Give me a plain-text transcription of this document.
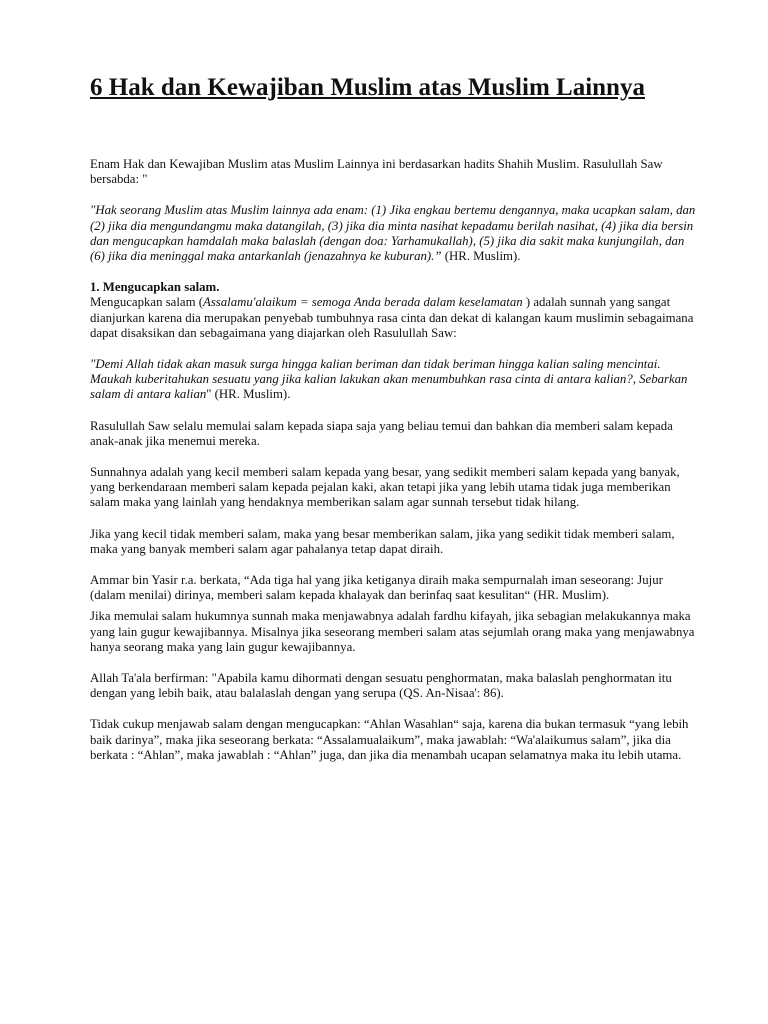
6 Hak dan Kewajiban Muslim atas Muslim Lainnya

Enam Hak dan Kewajiban Muslim atas Muslim Lainnya ini berdasarkan hadits Shahih Muslim. Rasulullah Saw bersabda: "

"Hak seorang Muslim atas Muslim lainnya ada enam: (1) Jika engkau bertemu dengannya, maka ucapkan salam, dan (2) jika dia mengundangmu maka datangilah, (3) jika dia minta nasihat kepadamu berilah nasihat, (4) jika dia bersin dan mengucapkan hamdalah maka balaslah (dengan doa: Yarhamukallah), (5) jika dia sakit maka kunjungilah, dan (6) jika dia meninggal maka antarkanlah (jenazahnya ke kuburan).” (HR. Muslim).

1. Mengucapkan salam.
Mengucapkan salam (Assalamu'alaikum = semoga Anda berada dalam keselamatan ) adalah sunnah yang sangat dianjurkan karena dia merupakan penyebab tumbuhnya rasa cinta dan dekat di kalangan kaum muslimin sebagaimana dapat disaksikan dan sebagaimana yang diajarkan oleh Rasulullah Saw:

"Demi Allah tidak akan masuk surga hingga kalian beriman dan tidak beriman hingga kalian saling mencintai. Maukah kuberitahukan sesuatu yang jika kalian lakukan akan menumbuhkan rasa cinta di antara kalian?, Sebarkan salam di antara kalian" (HR. Muslim).

Rasulullah Saw selalu memulai salam kepada siapa saja yang beliau temui dan bahkan dia memberi salam kepada anak-anak jika menemui mereka.

Sunnahnya adalah yang kecil memberi salam kepada yang besar, yang sedikit memberi salam kepada yang banyak, yang berkendaraan memberi salam kepada pejalan kaki, akan tetapi jika yang lebih utama tidak juga memberikan salam maka yang lainlah yang hendaknya memberikan salam agar sunnah tersebut tidak hilang.

Jika yang kecil tidak memberi salam, maka yang besar memberikan salam, jika yang sedikit tidak memberi salam, maka yang banyak memberi salam agar pahalanya tetap dapat diraih.

Ammar bin Yasir r.a. berkata, “Ada tiga hal yang jika ketiganya diraih maka sempurnalah iman seseorang: Jujur (dalam menilai) dirinya, memberi salam kepada khalayak dan berinfaq saat kesulitan“ (HR. Muslim).

Jika memulai salam hukumnya sunnah maka menjawabnya adalah fardhu kifayah, jika sebagian melakukannya maka yang lain gugur kewajibannya. Misalnya jika seseorang memberi salam atas sejumlah orang maka yang menjawabnya hanya seorang maka yang lain gugur kewajibannya.

Allah Ta'ala berfirman: "Apabila kamu dihormati dengan sesuatu penghormatan, maka balaslah penghormatan itu dengan yang lebih baik, atau balalaslah dengan yang serupa (QS. An-Nisaa': 86).

Tidak cukup menjawab salam dengan mengucapkan: “Ahlan Wasahlan“ saja, karena dia bukan termasuk “yang lebih baik darinya”, maka jika seseorang berkata: “Assalamualaikum”, maka jawablah: “Wa'alaikumus salam”, jika dia berkata : “Ahlan”, maka jawablah : “Ahlan” juga, dan jika dia menambah ucapan selamatnya maka itu lebih utama.
